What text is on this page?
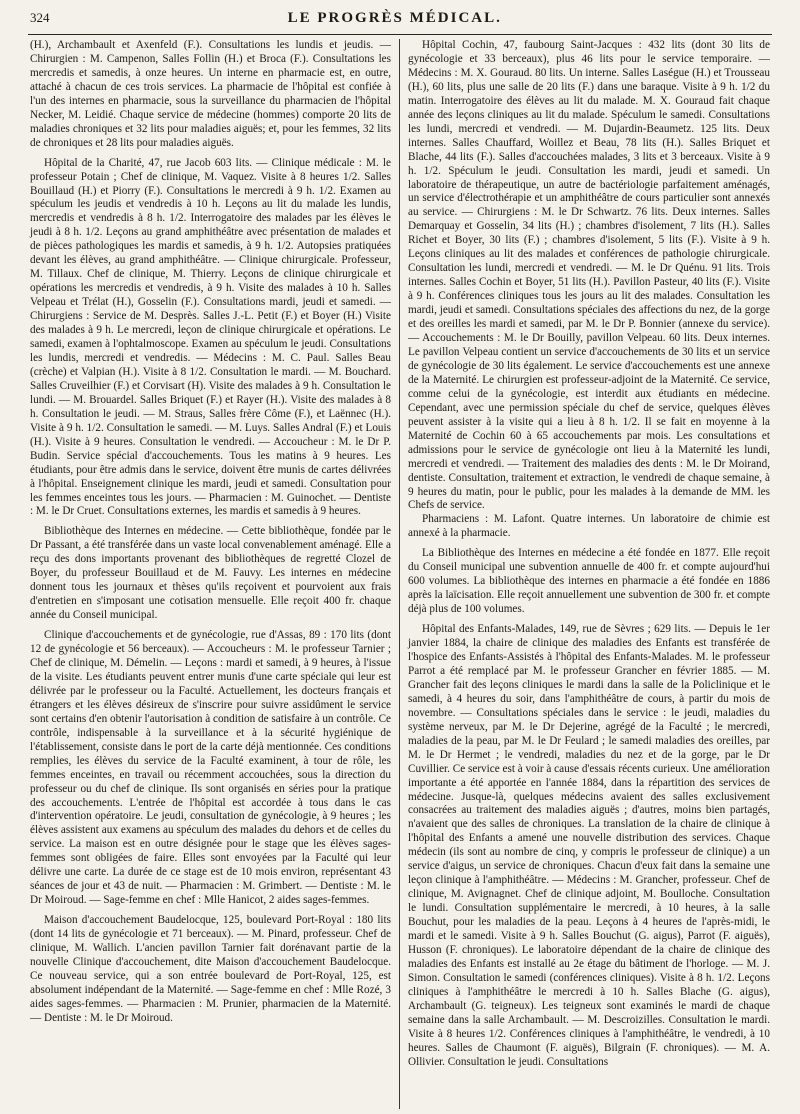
324	LE PROGRÈS MÉDICAL.

(H.), Archambault et Axenfeld (F.). Consultations les lundis et jeudis. — Chirurgien : M. Campenon, Salles Follin (H.) et Broca (F.). Consultations les mercredis et samedis, à onze heures. Un interne en pharmacie est, en outre, attaché à chacun de ces trois services. La pharmacie de l'hôpital est confiée à l'un des internes en pharmacie, sous la surveillance du pharmacien de l'hôpital Necker, M. Leidié. Chaque service de médecine (hommes) comporte 20 lits de maladies chroniques et 32 lits pour maladies aiguës; et, pour les femmes, 32 lits de chroniques et 28 lits pour maladies aiguës.

Hôpital de la Charité, 47, rue Jacob 603 lits. — Clinique médicale : M. le professeur Potain ; Chef de clinique, M. Vaquez. Visite à 8 heures 1/2. Salles Bouillaud (H.) et Piorry (F.). Consultations le mercredi à 9 h. 1/2. Examen au spéculum les jeudis et vendredis à 10 h. Leçons au lit du malade les lundis, mercredis et vendredis à 8 h. 1/2. Interrogatoire des malades par les élèves le jeudi à 8 h. 1/2. Leçons au grand amphithéâtre avec présentation de malades et de pièces pathologiques les mardis et samedis, à 9 h. 1/2. Autopsies pratiquées devant les élèves, au grand amphithéâtre. — Clinique chirurgicale. Professeur, M. Tillaux. Chef de clinique, M. Thierry. Leçons de clinique chirurgicale et opérations les mercredis et vendredis, à 9 h. Visite des malades à 10 h. Salles Velpeau et Trélat (H.), Gosselin (F.). Consultations mardi, jeudi et samedi. — Chirurgiens : Service de M. Desprès. Salles J.-L. Petit (F.) et Boyer (H.) Visite des malades à 9 h. Le mercredi, leçon de clinique chirurgicale et opérations. Le samedi, examen à l'ophtalmoscope. Examen au spéculum le jeudi. Consultations les lundis, mercredi et vendredis. — Médecins : M. C. Paul. Salles Beau (crèche) et Valpian (H.). Visite à 8 1/2. Consultation le mardi. — M. Bouchard. Salles Cruveilhier (F.) et Corvisart (H). Visite des malades à 9 h. Consultation le lundi. — M. Brouardel. Salles Briquet (F.) et Rayer (H.). Visite des malades à 8 h. Consultation le jeudi. — M. Straus, Salles frère Côme (F.), et Laënnec (H.). Visite à 9 h. 1/2. Consultation le samedi. — M. Luys. Salles Andral (F.) et Louis (H.). Visite à 9 heures. Consultation le vendredi. — Accoucheur : M. le Dr P. Budin. Service spécial d'accouchements. Tous les matins à 9 heures. Les étudiants, pour être admis dans le service, doivent être munis de cartes délivrées à l'hôpital. Enseignement clinique les mardi, jeudi et samedi. Consultation pour les femmes enceintes tous les jours. — Pharmacien : M. Guinochet. — Dentiste : M. le Dr Cruet. Consultations externes, les mardis et samedis à 9 heures.

Bibliothèque des Internes en médecine. — Cette bibliothèque, fondée par le Dr Passant, a été transférée dans un vaste local convenablement aménagé. Elle a reçu des dons importants provenant des bibliothèques de regretté Clozel de Boyer, du professeur Bouillaud et de M. Fauvy. Les internes en médecine donnent tous les journaux et thèses qu'ils reçoivent et pourvoient aux frais d'entretien en s'imposant une cotisation mensuelle. Elle reçoit 400 fr. chaque année du Conseil municipal.

Clinique d'accouchements et de gynécologie, rue d'Assas, 89 : 170 lits (dont 12 de gynécologie et 56 berceaux). — Accoucheurs : M. le professeur Tarnier ; Chef de clinique, M. Démelin. — Leçons : mardi et samedi, à 9 heures, à l'issue de la visite. Les étudiants peuvent entrer munis d'une carte spéciale qui leur est délivrée par le professeur ou la Faculté. Actuellement, les docteurs français et étrangers et les élèves désireux de s'inscrire pour suivre assidûment le service sont certains d'en obtenir l'autorisation à condition de satisfaire à un contrôle. Ce contrôle, indispensable à la surveillance et à la sécurité hygiénique de l'établissement, consiste dans le port de la carte déjà mentionnée. Ces conditions remplies, les élèves du service de la Faculté examinent, à tour de rôle, les femmes enceintes, en travail ou récemment accouchées, sous la direction du professeur ou du chef de clinique. Ils sont organisés en séries pour la pratique des accouchements. L'entrée de l'hôpital est accordée à tous dans le cas d'intervention opératoire. Le jeudi, consultation de gynécologie, à 9 heures ; les élèves assistent aux examens au spéculum des malades du dehors et de celles du service. La maison est en outre désignée pour le stage que les élèves sages-femmes sont obligées de faire. Elles sont envoyées par la Faculté qui leur délivre une carte. La durée de ce stage est de 10 mois environ, représentant 43 séances de jour et 43 de nuit. — Pharmacien : M. Grimbert. — Dentiste : M. le Dr Moiroud. — Sage-femme en chef : Mlle Hanicot, 2 aides sages-femmes.

Maison d'accouchement Baudelocque, 125, boulevard Port-Royal : 180 lits (dont 14 lits de gynécologie et 71 berceaux). — M. Pinard, professeur. Chef de clinique, M. Wallich. L'ancien pavillon Tarnier fait dorénavant partie de la nouvelle Clinique d'accouchement, dite Maison d'accouchement Baudelocque. Ce nouveau service, qui a son entrée boulevard de Port-Royal, 125, est absolument indépendant de la Maternité. — Sage-femme en chef : Mlle Rozé, 3 aides sages-femmes. — Pharmacien : M. Prunier, pharmacien de la Maternité. — Dentiste : M. le Dr Moiroud.

Hôpital Cochin, 47, faubourg Saint-Jacques : 432 lits (dont 30 lits de gynécologie et 33 berceaux), plus 46 lits pour le service temporaire. — Médecins : M. X. Gouraud. 80 lits. Un interne. Salles Laségue (H.) et Trousseau (H.), 60 lits, plus une salle de 20 lits (F.) dans une baraque. Visite à 9 h. 1/2 du matin. Interrogatoire des élèves au lit du malade. M. X. Gouraud fait chaque année des leçons cliniques au lit du malade. Spéculum le samedi. Consultations les lundi, mercredi et vendredi. — M. Dujardin-Beaumetz. 125 lits. Deux internes. Salles Chauffard, Woillez et Beau, 78 lits (H.). Salles Briquet et Blache, 44 lits (F.). Salles d'accouchées malades, 3 lits et 3 berceaux. Visite à 9 h. 1/2. Spéculum le jeudi. Consultation les mardi, jeudi et samedi. Un laboratoire de thérapeutique, un autre de bactériologie parfaitement aménagés, un service d'électrothérapie et un amphithéâtre de cours particulier sont annexés au service. — Chirurgiens : M. le Dr Schwartz. 76 lits. Deux internes. Salles Demarquay et Gosselin, 34 lits (H.) ; chambres d'isolement, 7 lits (H.). Salles Richet et Boyer, 30 lits (F.) ; chambres d'isolement, 5 lits (F.). Visite à 9 h. Leçons cliniques au lit des malades et conférences de pathologie chirurgicale. Consultation les lundi, mercredi et vendredi. — M. le Dr Quénu. 91 lits. Trois internes. Salles Cochin et Boyer, 51 lits (H.). Pavillon Pasteur, 40 lits (F.). Visite à 9 h. Conférences cliniques tous les jours au lit des malades. Consultation les mardi, jeudi et samedi. Consultations spéciales des affections du nez, de la gorge et des oreilles les mardi et samedi, par M. le Dr P. Bonnier (annexe du service). — Accouchements : M. le Dr Bouilly, pavillon Velpeau. 60 lits. Deux internes. Le pavillon Velpeau contient un service d'accouchements de 30 lits et un service de gynécologie de 30 lits également. Le service d'accouchements est une annexe de la Maternité. Le chirurgien est professeur-adjoint de la Maternité. Ce service, comme celui de la gynécologie, est interdit aux étudiants en médecine. Cependant, avec une permission spéciale du chef de service, quelques élèves peuvent assister à la visite qui a lieu à 8 h. 1/2. Il se fait en moyenne à la Maternité de Cochin 60 à 65 accouchements par mois. Les consultations et admissions pour le service de gynécologie ont lieu à la Maternité les lundi, mercredi et vendredi. — Traitement des maladies des dents : M. le Dr Moirand, dentiste. Consultation, traitement et extraction, le vendredi de chaque semaine, à 9 heures du matin, pour le public, pour les malades à la demande de MM. les Chefs de service.

Pharmaciens : M. Lafont. Quatre internes. Un laboratoire de chimie est annexé à la pharmacie.

La Bibliothèque des Internes en médecine a été fondée en 1877. Elle reçoit du Conseil municipal une subvention annuelle de 400 fr. et compte aujourd'hui 600 volumes. La bibliothèque des internes en pharmacie a été fondée en 1886 après la laïcisation. Elle reçoit annuellement une subvention de 300 fr. et compte déjà plus de 100 volumes.

Hôpital des Enfants-Malades, 149, rue de Sèvres ; 629 lits. — Depuis le 1er janvier 1884, la chaire de clinique des maladies des Enfants est transférée de l'hospice des Enfants-Assistés à l'hôpital des Enfants-Malades. M. le professeur Parrot a été remplacé par M. le professeur Grancher en février 1885. — M. Grancher fait des leçons cliniques le mardi dans la salle de la Policlinique et le samedi, à 4 heures du soir, dans l'amphithéâtre de cours, à partir du mois de novembre. — Consultations spéciales dans le service : le jeudi, maladies du système nerveux, par M. le Dr Dejerine, agrégé de la Faculté ; le mercredi, maladies de la peau, par M. le Dr Feulard ; le samedi maladies des oreilles, par M. le Dr Hermet ; le vendredi, maladies du nez et de la gorge, par le Dr Cuvillier. Ce service est à voir à cause d'essais récents curieux. Une amélioration importante a été apportée en l'année 1884, dans la répartition des services de médecine. Jusque-là, quelques médecins avaient des salles exclusivement consacrées au traitement des maladies aiguës ; d'autres, moins bien partagés, n'avaient que des salles de chroniques. La translation de la chaire de clinique à l'hôpital des Enfants a amené une nouvelle distribution des services. Chaque médecin (ils sont au nombre de cinq, y compris le professeur de clinique) a un service d'aigus, un service de chroniques. Chacun d'eux fait dans la semaine une leçon clinique à l'amphithéâtre. — Médecins : M. Grancher, professeur. Chef de clinique, M. Avignagnet. Chef de clinique adjoint, M. Boulloche. Consultation le lundi. Consultation supplémentaire le mercredi, à 10 heures, à la salle Bouchut, pour les maladies de la peau. Leçons à 4 heures de l'après-midi, le mardi et le samedi. Visite à 9 h. Salles Bouchut (G. aigus), Parrot (F. aiguës), Husson (F. chroniques). Le laboratoire dépendant de la chaire de clinique des maladies des Enfants est installé au 2e étage du bâtiment de l'horloge. — M. J. Simon. Consultation le samedi (conférences cliniques). Visite à 8 h. 1/2. Leçons cliniques à l'amphithéâtre le mercredi à 10 h. Salles Blache (G. aigus), Archambault (G. teigneux). Les teigneux sont examinés le mardi de chaque semaine dans la salle Archambault. — M. Descroizilles. Consultation le mardi. Visite à 8 heures 1/2. Conférences cliniques à l'amphithéâtre, le vendredi, à 10 heures. Salles de Chaumont (F. aiguës), Bilgrain (F. chroniques). — M. A. Ollivier. Consultation le jeudi. Consultations
